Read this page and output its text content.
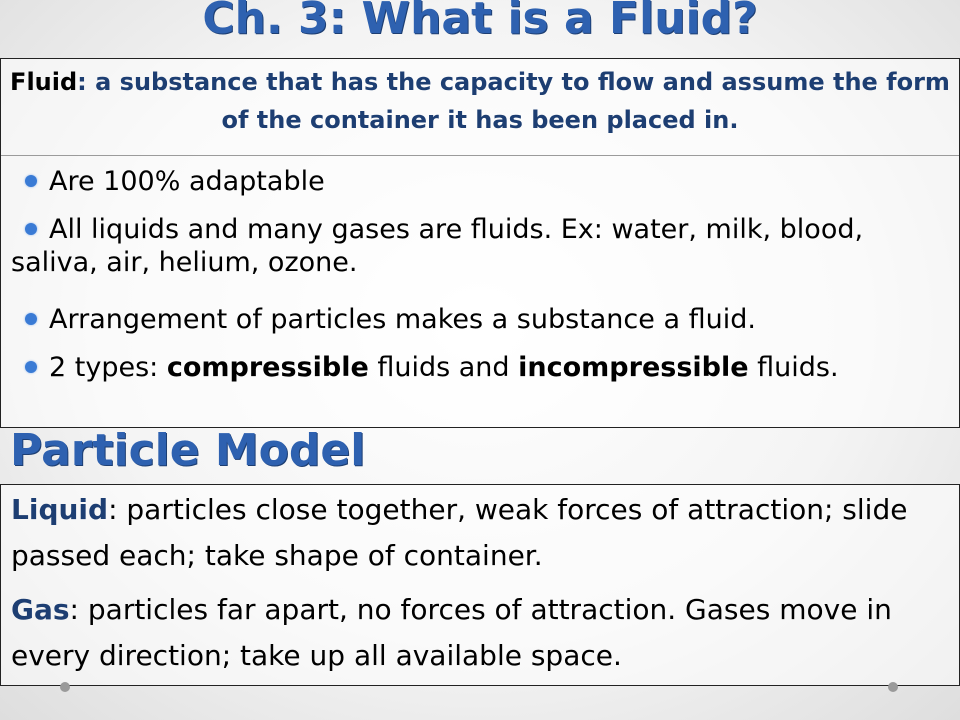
Ch. 3: What is a Fluid?

Fluid: a substance that has the capacity to flow and assume the form of the container it has been placed in.

Are 100% adaptable

All liquids and many gases are fluids. Ex: water, milk, blood, saliva, air, helium, ozone.

Arrangement of particles makes a substance a fluid.

2 types: compressible fluids and incompressible fluids.

Particle Model

Liquid: particles close together, weak forces of attraction; slide passed each; take shape of container.

Gas: particles far apart, no forces of attraction. Gases move in every direction; take up all available space.
